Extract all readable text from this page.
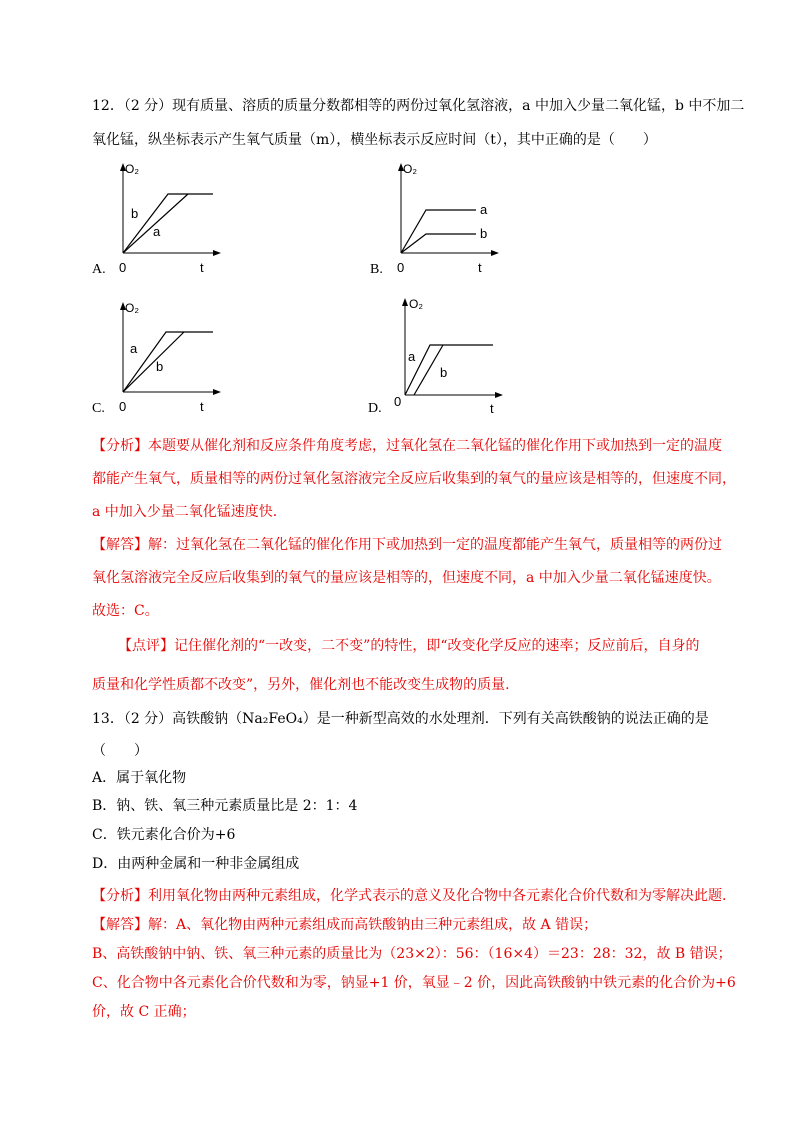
12．（2 分）现有质量、溶质的质量分数都相等的两份过氧化氢溶液，a 中加入少量二氧化锰，b 中不加二
氧化锰，纵坐标表示产生氧气质量（m），横坐标表示反应时间（t），其中正确的是（　　）
O₂
b
a
0	t
A.
O₂
a
b
0	t
B.
O₂
a
b
0	t
C.
O₂
a
b
0	t
D.
【分析】本题要从催化剂和反应条件角度考虑，过氧化氢在二氧化锰的催化作用下或加热到一定的温度
都能产生氧气，质量相等的两份过氧化氢溶液完全反应后收集到的氧气的量应该是相等的，但速度不同，
a 中加入少量二氧化锰速度快.
【解答】解：过氧化氢在二氧化锰的催化作用下或加热到一定的温度都能产生氧气，质量相等的两份过
氧化氢溶液完全反应后收集到的氧气的量应该是相等的，但速度不同，a 中加入少量二氧化锰速度快。
故选：C。
【点评】记住催化剂的“一改变，二不变”的特性，即“改变化学反应的速率；反应前后，自身的
质量和化学性质都不改变”，另外，催化剂也不能改变生成物的质量.
13．（2 分）高铁酸钠（Na₂FeO₄）是一种新型高效的水处理剂．下列有关高铁酸钠的说法正确的是
（　　）
A．属于氧化物
B．钠、铁、氧三种元素质量比是 2：1：4
C．铁元素化合价为+6
D．由两种金属和一种非金属组成
【分析】利用氧化物由两种元素组成，化学式表示的意义及化合物中各元素化合价代数和为零解决此题.
【解答】解：A、氧化物由两种元素组成而高铁酸钠由三种元素组成，故 A 错误；
B、高铁酸钠中钠、铁、氧三种元素的质量比为（23×2）：56：（16×4）＝23：28：32，故 B 错误；
C、化合物中各元素化合价代数和为零，钠显+1 价，氧显﹣2 价，因此高铁酸钠中铁元素的化合价为+6
价，故 C 正确；
